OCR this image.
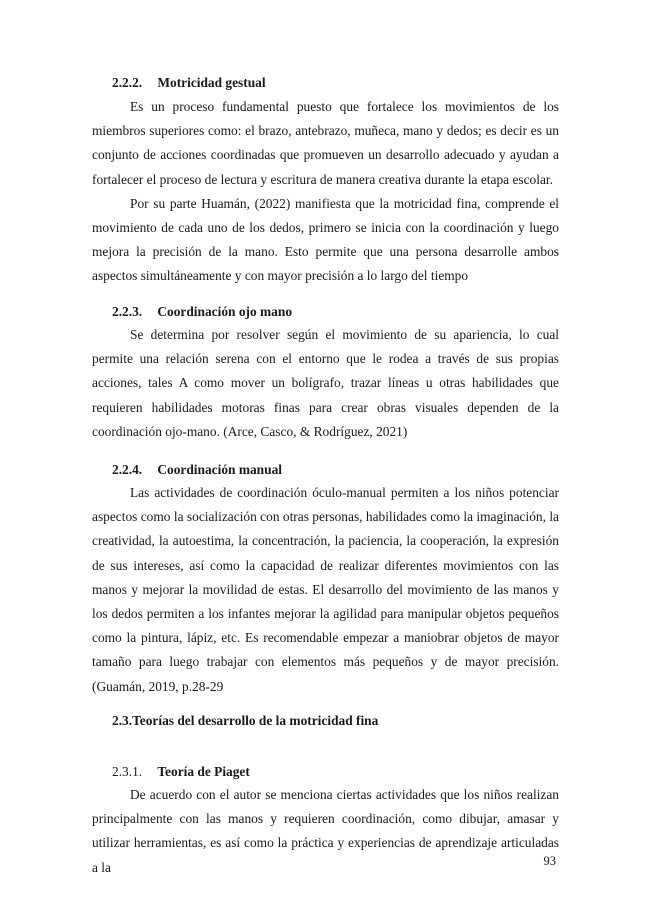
2.2.2. Motricidad gestual

Es un proceso fundamental puesto que fortalece los movimientos de los miembros superiores como: el brazo, antebrazo, muñeca, mano y dedos; es decir es un conjunto de acciones coordinadas que promueven un desarrollo adecuado y ayudan a fortalecer el proceso de lectura y escritura de manera creativa durante la etapa escolar.

Por su parte Huamán, (2022) manifiesta que la motricidad fina, comprende el movimiento de cada uno de los dedos, primero se inicia con la coordinación y luego mejora la precisión de la mano. Esto permite que una persona desarrolle ambos aspectos simultáneamente y con mayor precisión a lo largo del tiempo

2.2.3. Coordinación ojo mano

Se determina por resolver según el movimiento de su apariencia, lo cual permite una relación serena con el entorno que le rodea a través de sus propias acciones, tales A como mover un bolígrafo, trazar líneas u otras habilidades que requieren habilidades motoras finas para crear obras visuales dependen de la coordinación ojo-mano. (Arce, Casco, & Rodríguez, 2021)

2.2.4. Coordinación manual

Las actividades de coordinación óculo-manual permiten a los niños potenciar aspectos como la socialización con otras personas, habilidades como la imaginación, la creatividad, la autoestima, la concentración, la paciencia, la cooperación, la expresión de sus intereses, así como la capacidad de realizar diferentes movimientos con las manos y mejorar la movilidad de estas. El desarrollo del movimiento de las manos y los dedos permiten a los infantes mejorar la agilidad para manipular objetos pequeños como la pintura, lápiz, etc. Es recomendable empezar a maniobrar objetos de mayor tamaño para luego trabajar con elementos más pequeños y de mayor precisión. (Guamán, 2019, p.28-29

2.3.Teorías del desarrollo de la motricidad fina
2.3.1. Teoría de Piaget

De acuerdo con el autor se menciona ciertas actividades que los niños realizan principalmente con las manos y requieren coordinación, como dibujar, amasar y utilizar herramientas, es así como la práctica y experiencias de aprendizaje articuladas a la	93
